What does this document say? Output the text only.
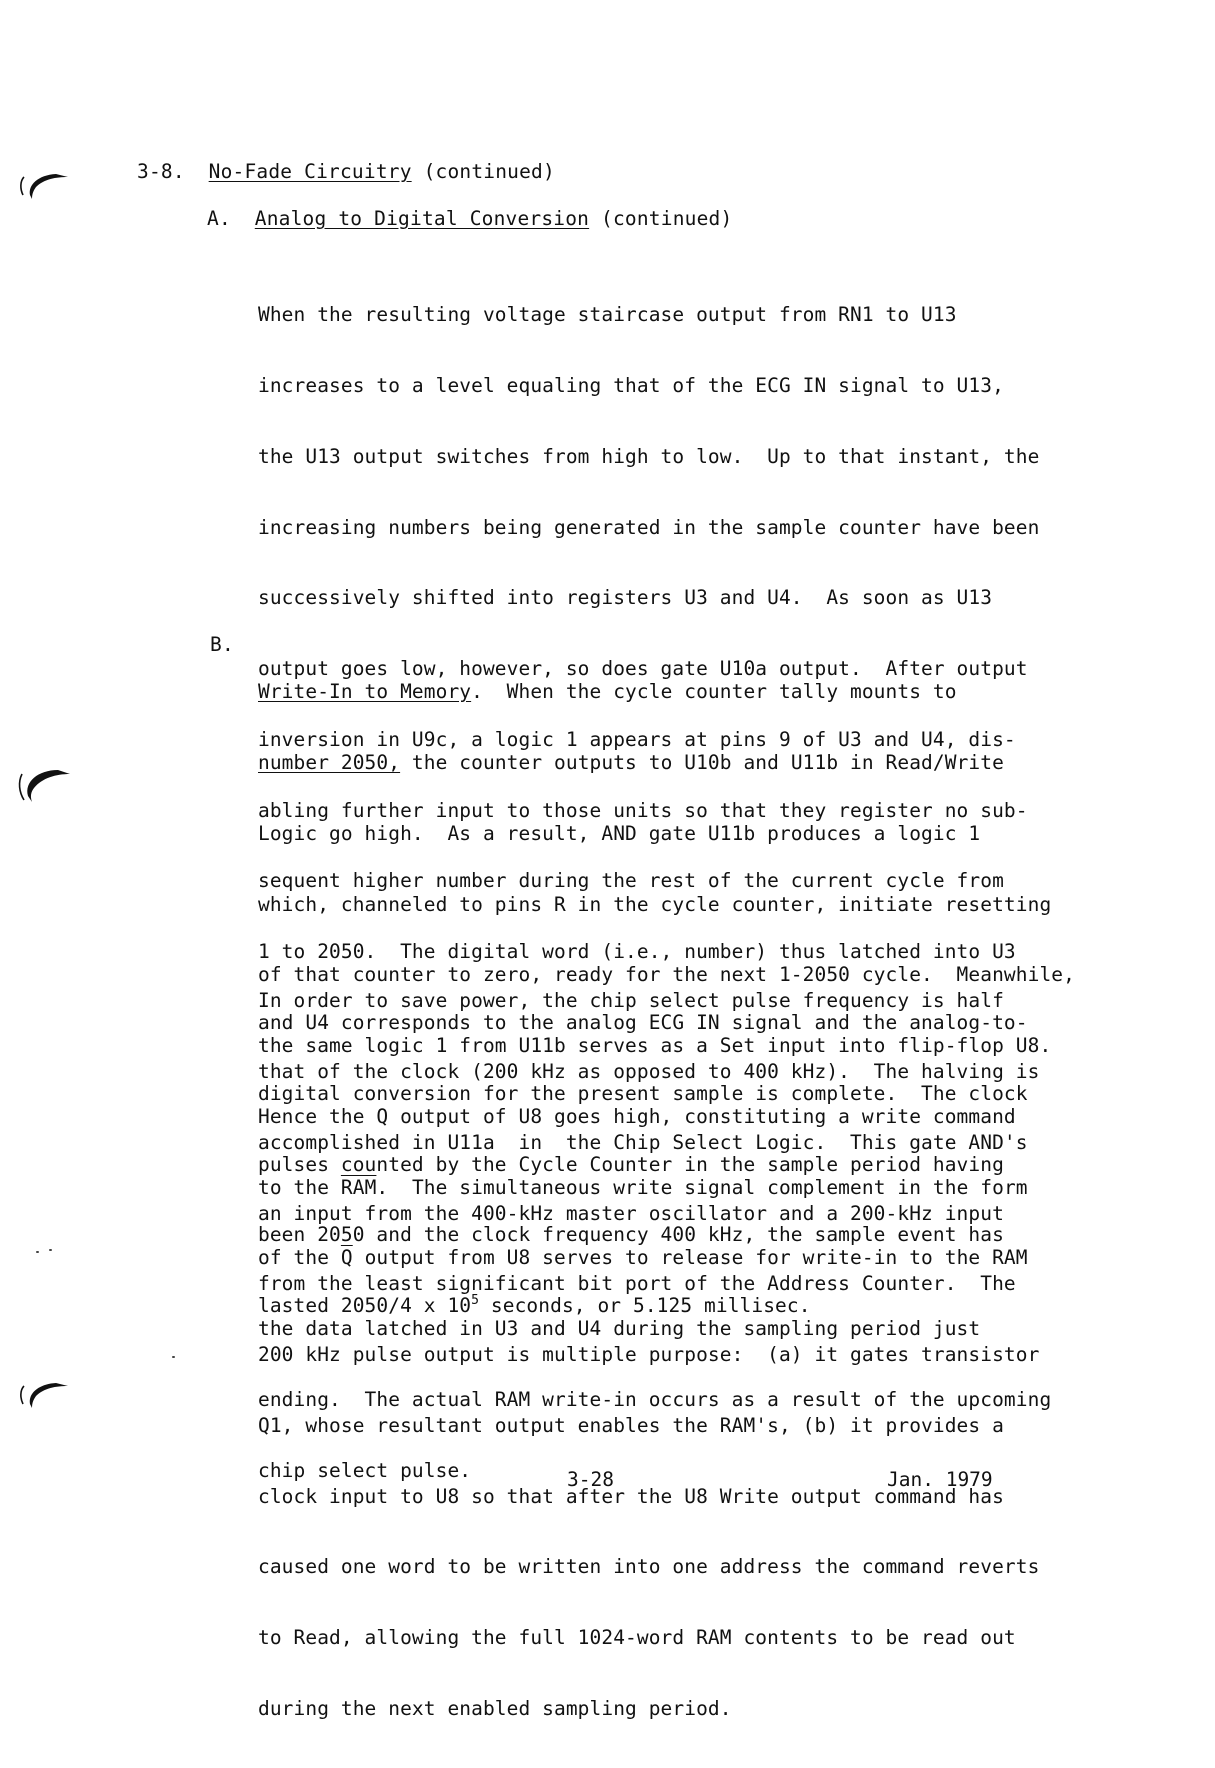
3-8. No-Fade Circuitry (continued)
A. Analog to Digital Conversion (continued)

When the resulting voltage staircase output from RN1 to U13

increases to a level equaling that of the ECG IN signal to U13,

the U13 output switches from high to low.  Up to that instant, the

increasing numbers being generated in the sample counter have been

successively shifted into registers U3 and U4.  As soon as U13

output goes low, however, so does gate U10a output.  After output

inversion in U9c, a logic 1 appears at pins 9 of U3 and U4, dis-

abling further input to those units so that they register no sub-

sequent higher number during the rest of the current cycle from

1 to 2050.  The digital word (i.e., number) thus latched into U3

and U4 corresponds to the analog ECG IN signal and the analog-to-

digital conversion for the present sample is complete.  The clock

pulses counted by the Cycle Counter in the sample period having

been 2050 and the clock frequency 400 kHz, the sample event has

lasted 2050/4 x $10^5$ seconds, or 5.125 millisec.

B.

Write-In to Memory.  When the cycle counter tally mounts to

number 2050, the counter outputs to U10b and U11b in Read/Write

Logic go high.  As a result, AND gate U11b produces a logic 1

which, channeled to pins R in the cycle counter, initiate resetting

of that counter to zero, ready for the next 1-2050 cycle.  Meanwhile,

the same logic 1 from U11b serves as a Set input into flip-flop U8.

Hence the Q output of U8 goes high, constituting a write command

to the $\overline{RAM}$.  The simultaneous write signal complement in the form

of the $\overline{Q}$ output from U8 serves to release for write-in to the RAM

the data latched in U3 and U4 during the sampling period just

ending.  The actual RAM write-in occurs as a result of the upcoming

chip select pulse.

In order to save power, the chip select pulse frequency is half

that of the clock (200 kHz as opposed to 400 kHz).  The halving is

accomplished in U11a  in  the Chip Select Logic.  This gate AND's

an input from the 400-kHz master oscillator and a 200-kHz input

from the least significant bit port of the Address Counter.  The

200 kHz pulse output is multiple purpose:  (a) it gates transistor

Q1, whose resultant output enables the RAM's, (b) it provides a

clock input to U8 so that after the U8 Write output command has

caused one word to be written into one address the command reverts

to Read, allowing the full 1024-word RAM contents to be read out

during the next enabled sampling period.

3-28	Jan. 1979
